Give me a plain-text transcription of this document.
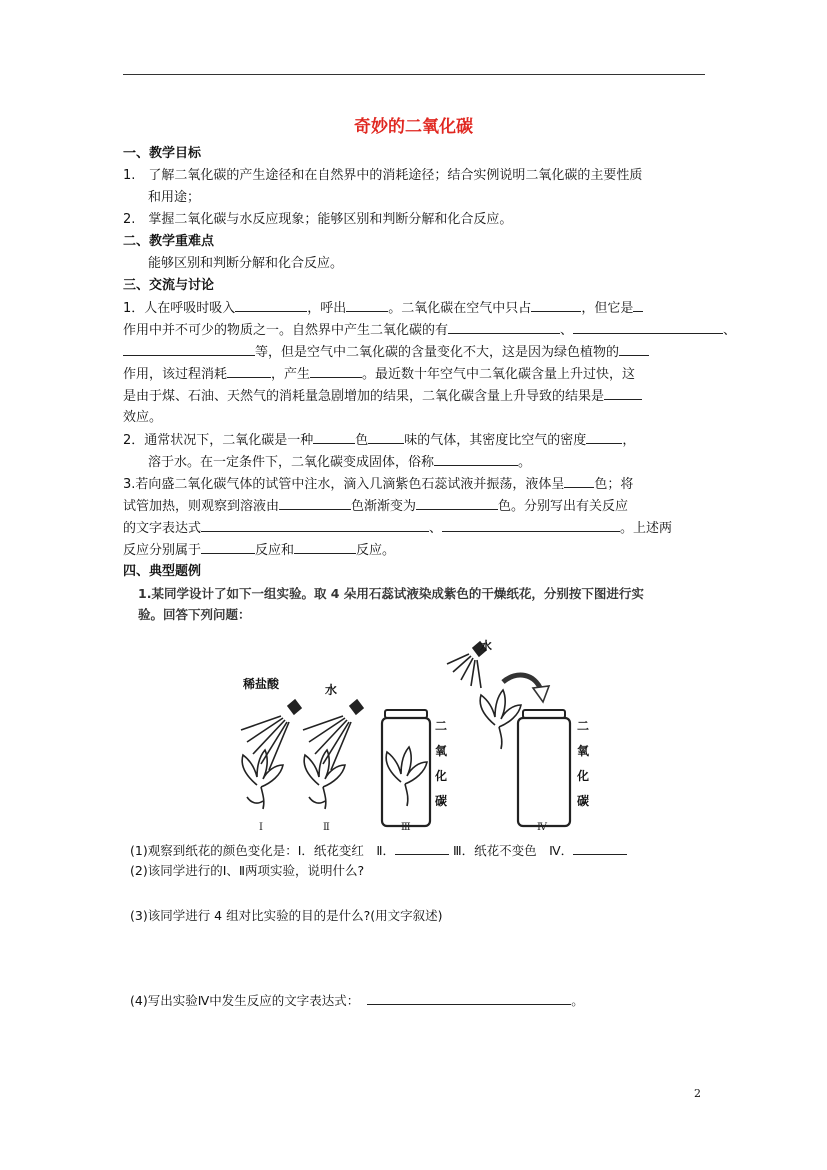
奇妙的二氧化碳
一、教学目标
1.　了解二氧化碳的产生途径和在自然界中的消耗途径；结合实例说明二氧化碳的主要性质
和用途；
2.　掌握二氧化碳与水反应现象；能够区别和判断分解和化合反应。
二、教学重难点
能够区别和判断分解和化合反应。
三、交流与讨论
1．人在呼吸时吸入	，呼出	。二氧化碳在空气中只占	，但它是
作用中并不可少的物质之一。自然界中产生二氧化碳的有	、	、
等，但是空气中二氧化碳的含量变化不大，这是因为绿色植物的
作用，该过程消耗	，产生	。最近数十年空气中二氧化碳含量上升过快，这
是由于煤、石油、天然气的消耗量急剧增加的结果，二氧化碳含量上升导致的结果是
效应。
2．通常状况下，二氧化碳是一种	色	味的气体，其密度比空气的密度	，
溶于水。在一定条件下，二氧化碳变成固体，俗称	。
3.若向盛二氧化碳气体的试管中注水，滴入几滴紫色石蕊试液并振荡，液体呈 色；将
试管加热，则观察到溶液由	色渐渐变为	色。分别写出有关反应
的文字表达式	、	。上述两
反应分别属于	反应和	反应。
四、典型题例
1.某同学设计了如下一组实验。取 4 朵用石蕊试液染成紫色的干燥纸花，分别按下图进行实
验。回答下列问题：
稀盐酸	水
水
二
氧
化
碳
二
氧
化
碳
Ⅰ	Ⅱ	Ⅲ	Ⅳ
(1)观察到纸花的颜色变化是：Ⅰ．纸花变红　Ⅱ．	Ⅲ．纸花不变色　Ⅳ．
(2)该同学进行的Ⅰ、Ⅱ两项实验，说明什么?
(3)该同学进行 4 组对比实验的目的是什么?(用文字叙述)
(4)写出实验Ⅳ中发生反应的文字表达式：	。
2
